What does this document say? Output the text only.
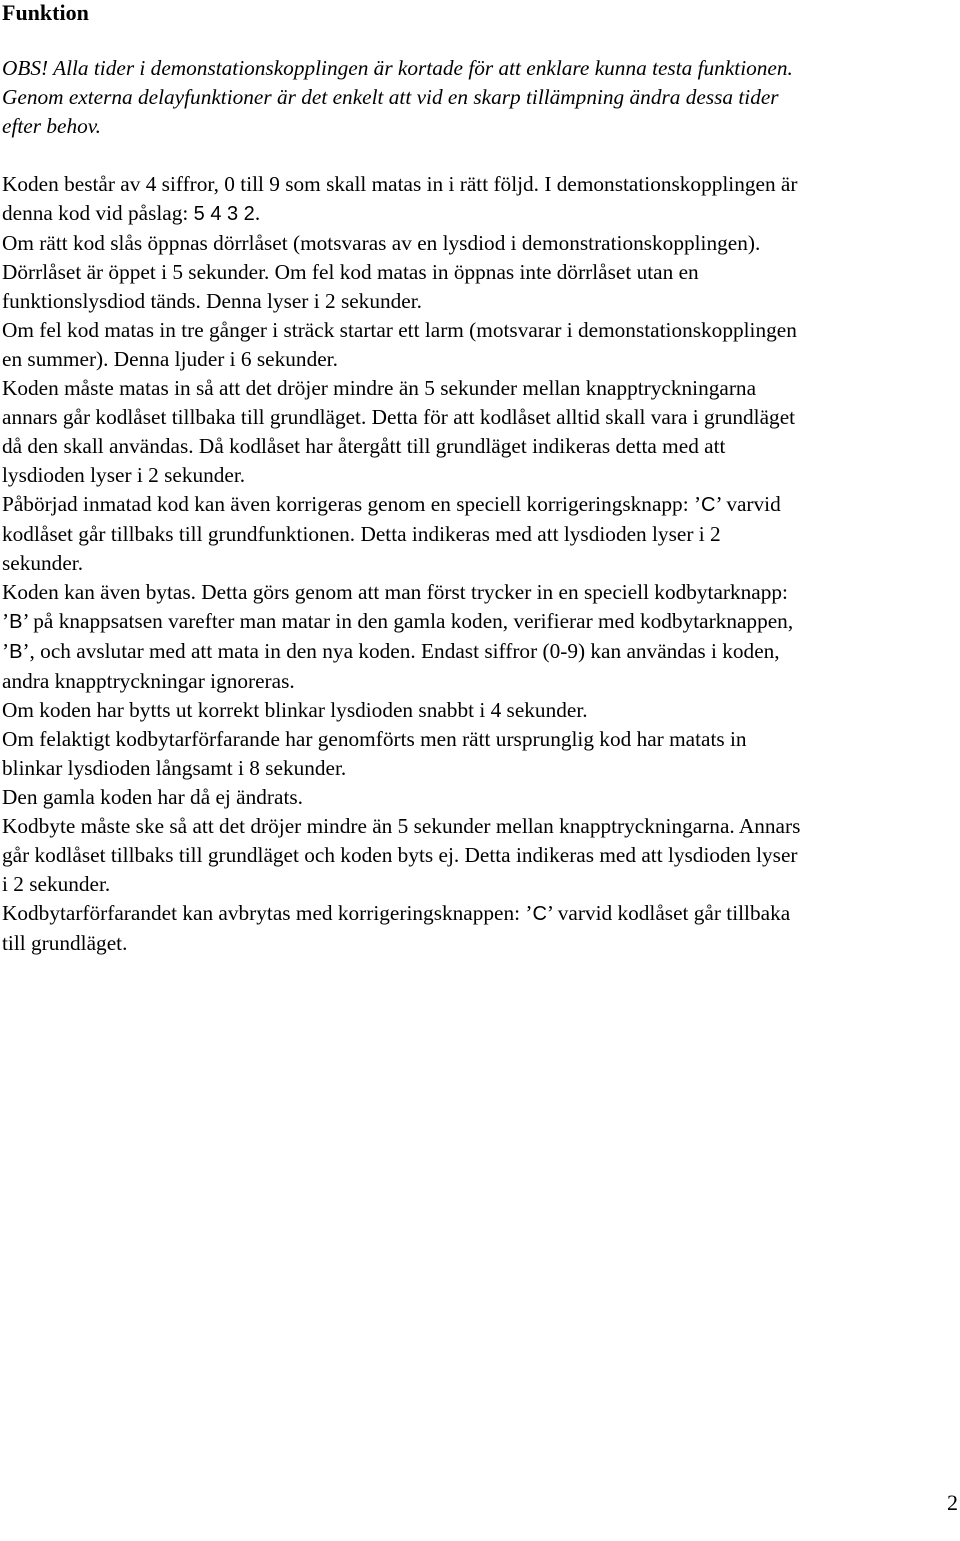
Funktion

OBS! Alla tider i demonstationskopplingen är kortade för att enklare kunna testa funktionen.

Genom externa delayfunktioner är det enkelt att vid en skarp tillämpning ändra dessa tider

efter behov.

Koden består av 4 siffror, 0 till 9 som skall matas in i rätt följd. I demonstationskopplingen är

denna kod vid påslag: 5 4 3 2.

Om rätt kod slås öppnas dörrlåset (motsvaras av en lysdiod i demonstrationskopplingen).

Dörrlåset är öppet i 5 sekunder. Om fel kod matas in öppnas inte dörrlåset utan en

funktionslysdiod tänds. Denna lyser i 2 sekunder.

Om fel kod matas in tre gånger i sträck startar ett larm (motsvarar i demonstationskopplingen

en summer). Denna ljuder i 6 sekunder.

Koden måste matas in så att det dröjer mindre än 5 sekunder mellan knapptryckningarna

annars går kodlåset tillbaka till grundläget. Detta för att kodlåset alltid skall vara i grundläget

då den skall användas. Då kodlåset har återgått till grundläget indikeras detta med att

lysdioden lyser i 2 sekunder.

Påbörjad inmatad kod kan även korrigeras genom en speciell korrigeringsknapp: ’C’ varvid

kodlåset går tillbaks till grundfunktionen. Detta indikeras med att lysdioden lyser i 2

sekunder.

Koden kan även bytas. Detta görs genom att man först trycker in en speciell kodbytarknapp:

’B’ på knappsatsen varefter man matar in den gamla koden, verifierar med kodbytarknappen,

’B’, och avslutar med att mata in den nya koden. Endast siffror (0-9) kan användas i koden,

andra knapptryckningar ignoreras.

Om koden har bytts ut korrekt blinkar lysdioden snabbt i 4 sekunder.

Om felaktigt kodbytarförfarande har genomförts men rätt ursprunglig kod har matats in

blinkar lysdioden långsamt i 8 sekunder.

Den gamla koden har då ej ändrats.

Kodbyte måste ske så att det dröjer mindre än 5 sekunder mellan knapptryckningarna. Annars

går kodlåset tillbaks till grundläget och koden byts ej. Detta indikeras med att lysdioden lyser

i 2 sekunder.

Kodbytarförfarandet kan avbrytas med korrigeringsknappen: ’C’ varvid kodlåset går tillbaka

till grundläget.

2
